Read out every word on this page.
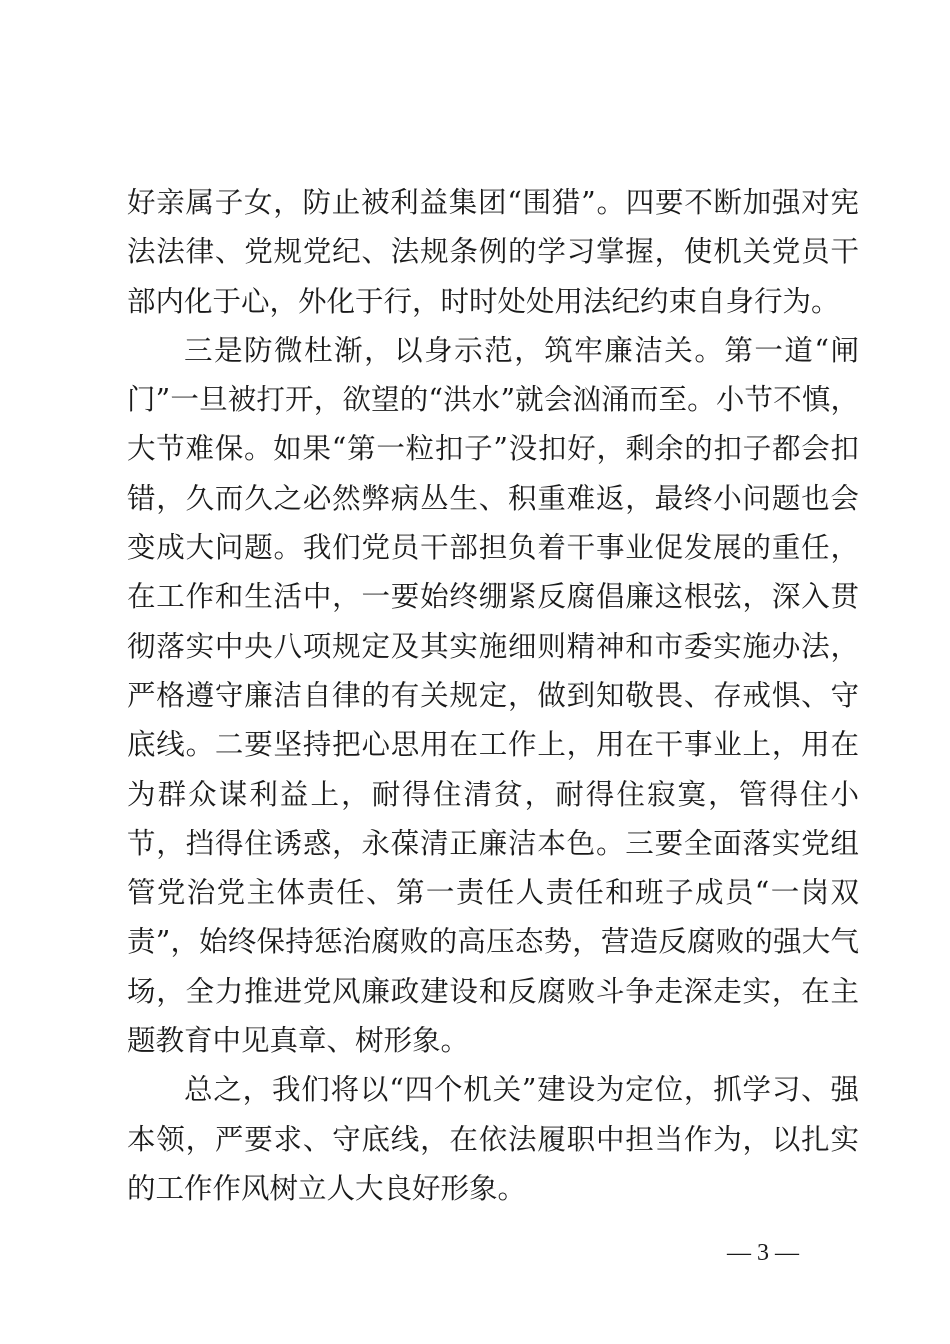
好亲属子女，防止被利益集团“围猎”。四要不断加强对宪法法律、党规党纪、法规条例的学习掌握，使机关党员干部内化于心，外化于行，时时处处用法纪约束自身行为。

三是防微杜渐，以身示范，筑牢廉洁关。第一道“闸门”一旦被打开，欲望的“洪水”就会汹涌而至。小节不慎，大节难保。如果“第一粒扣子”没扣好，剩余的扣子都会扣错，久而久之必然弊病丛生、积重难返，最终小问题也会变成大问题。我们党员干部担负着干事业促发展的重任，在工作和生活中，一要始终绷紧反腐倡廉这根弦，深入贯彻落实中央八项规定及其实施细则精神和市委实施办法，严格遵守廉洁自律的有关规定，做到知敬畏、存戒惧、守底线。二要坚持把心思用在工作上，用在干事业上，用在为群众谋利益上，耐得住清贫，耐得住寂寞，管得住小节，挡得住诱惑，永葆清正廉洁本色。三要全面落实党组管党治党主体责任、第一责任人责任和班子成员“一岗双责”，始终保持惩治腐败的高压态势，营造反腐败的强大气场，全力推进党风廉政建设和反腐败斗争走深走实，在主题教育中见真章、树形象。

总之，我们将以“四个机关”建设为定位，抓学习、强本领，严要求、守底线，在依法履职中担当作为，以扎实的工作作风树立人大良好形象。

— 3 —
